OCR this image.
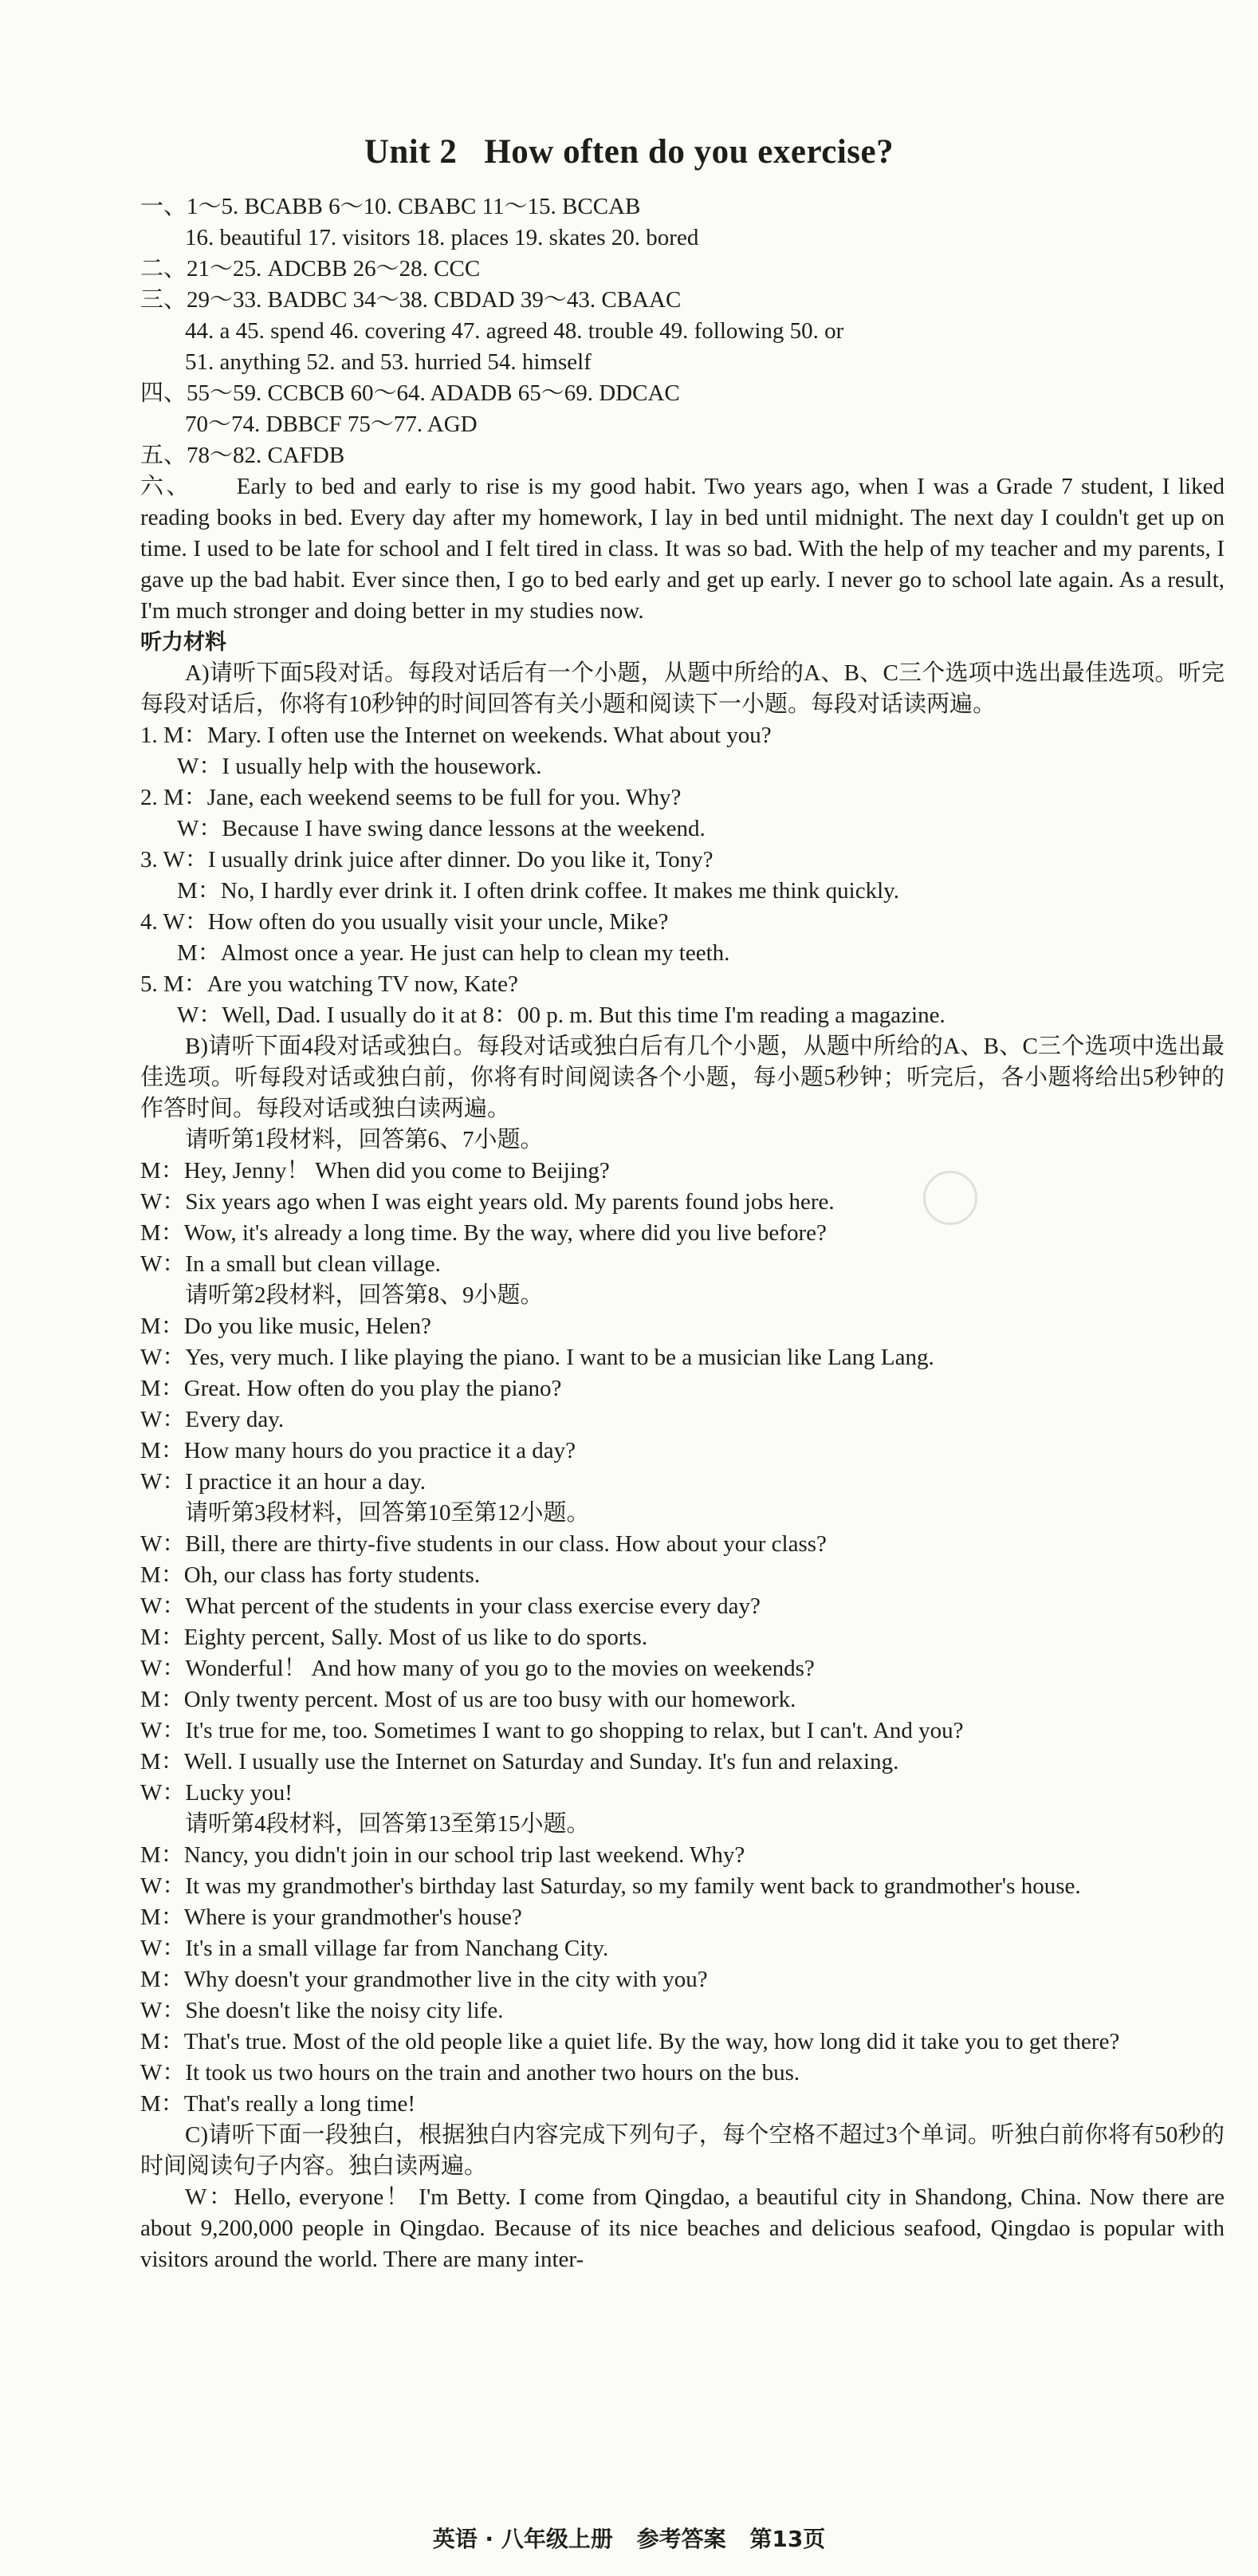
Unit 2 How often do you exercise?
一、1～5. BCABB 6～10. CBABC 11～15. BCCAB
16. beautiful 17. visitors 18. places 19. skates 20. bored
二、21～25. ADCBB 26～28. CCC
三、29～33. BADBC 34～38. CBDAD 39～43. CBAAC
44. a 45. spend 46. covering 47. agreed 48. trouble 49. following 50. or
51. anything 52. and 53. hurried 54. himself
四、55～59. CCBCB 60～64. ADADB 65～69. DDCAC
70～74. DBBCF 75～77. AGD
五、78～82. CAFDB
六、 Early to bed and early to rise is my good habit. Two years ago, when I was a Grade 7 student, I liked reading books in bed. Every day after my homework, I lay in bed until midnight. The next day I couldn't get up on time. I used to be late for school and I felt tired in class. It was so bad. With the help of my teacher and my parents, I gave up the bad habit. Ever since then, I go to bed early and get up early. I never go to school late again. As a result, I'm much stronger and doing better in my studies now.
听力材料
A)请听下面5段对话。每段对话后有一个小题，从题中所给的A、B、C三个选项中选出最佳选项。听完每段对话后，你将有10秒钟的时间回答有关小题和阅读下一小题。每段对话读两遍。
1. M：Mary. I often use the Internet on weekends. What about you?
W：I usually help with the housework.
2. M：Jane, each weekend seems to be full for you. Why?
W：Because I have swing dance lessons at the weekend.
3. W：I usually drink juice after dinner. Do you like it, Tony?
M：No, I hardly ever drink it. I often drink coffee. It makes me think quickly.
4. W：How often do you usually visit your uncle, Mike?
M：Almost once a year. He just can help to clean my teeth.
5. M：Are you watching TV now, Kate?
W：Well, Dad. I usually do it at 8：00 p. m. But this time I'm reading a magazine.
B)请听下面4段对话或独白。每段对话或独白后有几个小题，从题中所给的A、B、C三个选项中选出最佳选项。听每段对话或独白前，你将有时间阅读各个小题，每小题5秒钟；听完后，各小题将给出5秒钟的作答时间。每段对话或独白读两遍。
请听第1段材料，回答第6、7小题。
M：Hey, Jenny！ When did you come to Beijing?
W：Six years ago when I was eight years old. My parents found jobs here.
M：Wow, it's already a long time. By the way, where did you live before?
W：In a small but clean village.
请听第2段材料，回答第8、9小题。
M：Do you like music, Helen?
W：Yes, very much. I like playing the piano. I want to be a musician like Lang Lang.
M：Great. How often do you play the piano?
W：Every day.
M：How many hours do you practice it a day?
W：I practice it an hour a day.
请听第3段材料，回答第10至第12小题。
W：Bill, there are thirty-five students in our class. How about your class?
M：Oh, our class has forty students.
W：What percent of the students in your class exercise every day?
M：Eighty percent, Sally. Most of us like to do sports.
W：Wonderful！ And how many of you go to the movies on weekends?
M：Only twenty percent. Most of us are too busy with our homework.
W：It's true for me, too. Sometimes I want to go shopping to relax, but I can't. And you?
M：Well. I usually use the Internet on Saturday and Sunday. It's fun and relaxing.
W：Lucky you!
请听第4段材料，回答第13至第15小题。
M：Nancy, you didn't join in our school trip last weekend. Why?
W：It was my grandmother's birthday last Saturday, so my family went back to grandmother's house.
M：Where is your grandmother's house?
W：It's in a small village far from Nanchang City.
M：Why doesn't your grandmother live in the city with you?
W：She doesn't like the noisy city life.
M：That's true. Most of the old people like a quiet life. By the way, how long did it take you to get there?
W：It took us two hours on the train and another two hours on the bus.
M：That's really a long time!
C)请听下面一段独白，根据独白内容完成下列句子，每个空格不超过3个单词。听独白前你将有50秒的时间阅读句子内容。独白读两遍。
W：Hello, everyone！ I'm Betty. I come from Qingdao, a beautiful city in Shandong, China. Now there are about 9,200,000 people in Qingdao. Because of its nice beaches and delicious seafood, Qingdao is popular with visitors around the world. There are many inter-
英语 · 八年级上册 参考答案 第13页
